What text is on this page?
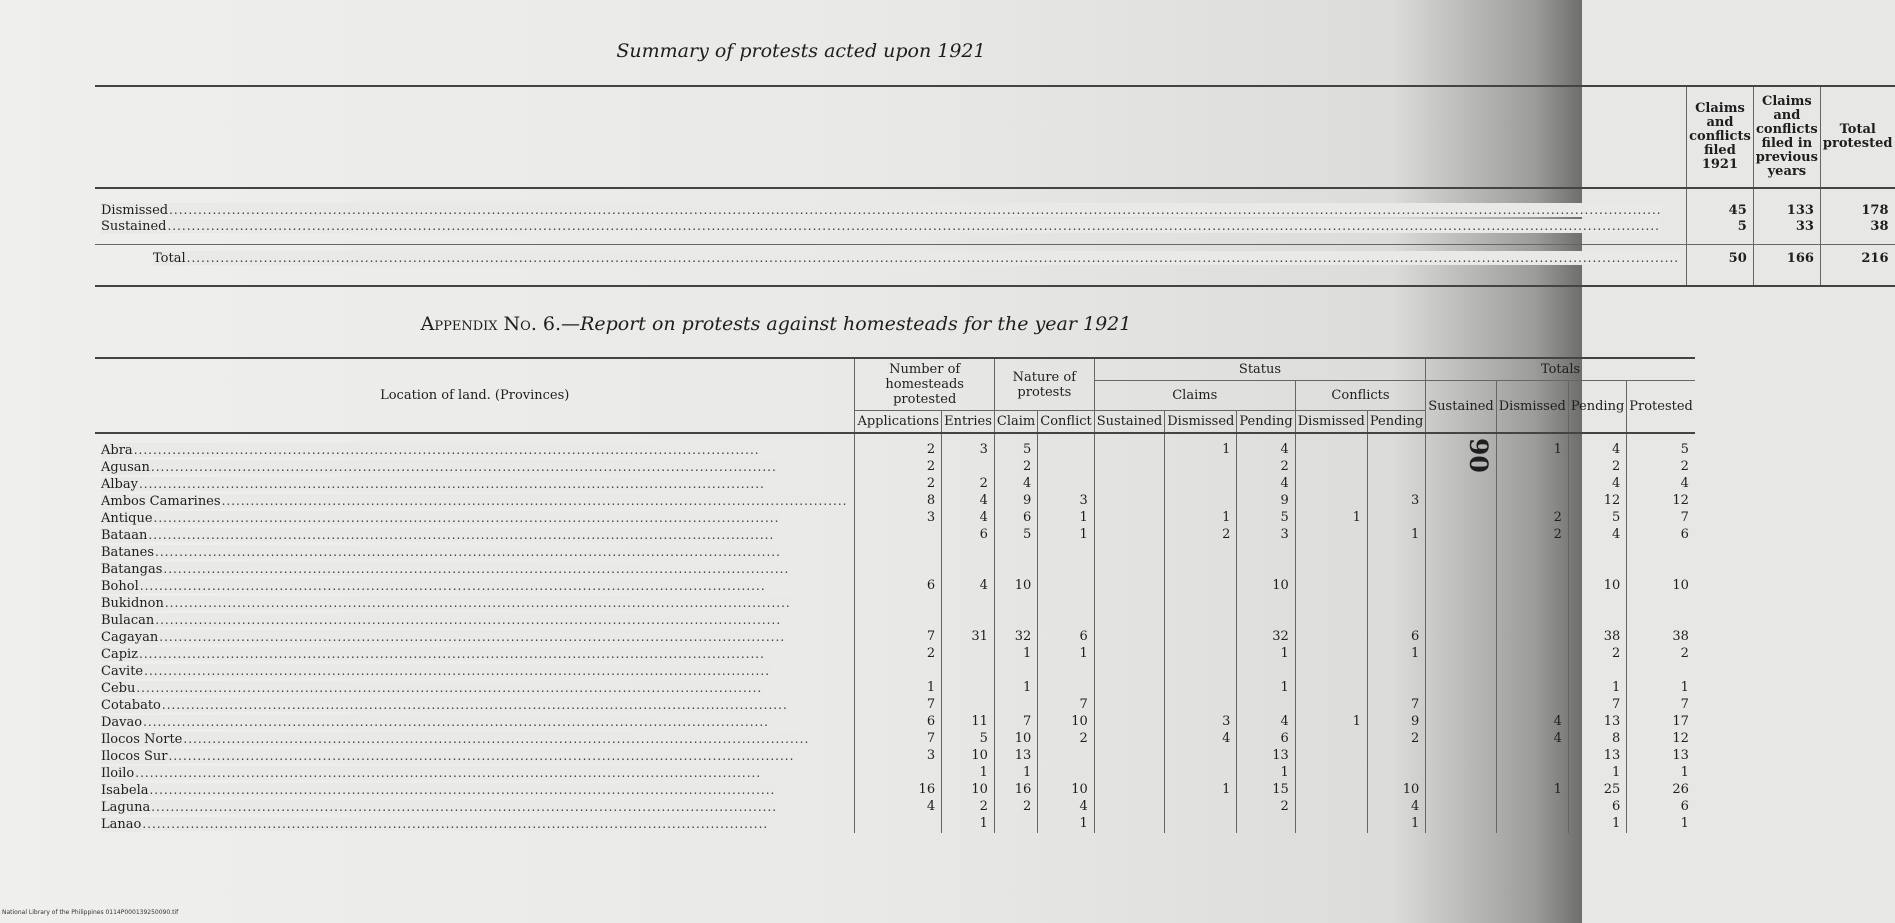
Summary of protests acted upon 1921
	Claims and conflicts filed 1921	Claims and conflicts filed in previous years	Total protested
Dismissed......................................................................................................................................................................................................................................................................................................................	45	133	178
Sustained......................................................................................................................................................................................................................................................................................................................	5	33	38
Total......................................................................................................................................................................................................................................................................................................................	50	166	216
Appendix No. 6.—Report on protests against homesteads for the year 1921
Location of land. (Provinces)	Number of homesteads protested		Nature of protests		Status					Totals			
					Claims			Conflicts		Sustained	Dismissed	Pending	Protested
	Applications	Entries	Claim	Conflict	Sustained	Dismissed	Pending	Dismissed	Pending				
Abra..................................................................................................................................	2	3	5			1	4				1	4	5
Agusan..................................................................................................................................	2		2				2					2	2
Albay..................................................................................................................................	2	2	4				4					4	4
Ambos Camarines..................................................................................................................................	8	4	9	3			9		3			12	12
Antique..................................................................................................................................	3	4	6	1		1	5	1			2	5	7
Bataan..................................................................................................................................		6	5	1		2	3		1		2	4	6
Batanes..................................................................................................................................													
Batangas..................................................................................................................................													
Bohol..................................................................................................................................	6	4	10				10					10	10
Bukidnon..................................................................................................................................													
Bulacan..................................................................................................................................													
Cagayan..................................................................................................................................	7	31	32	6			32		6			38	38
Capiz..................................................................................................................................	2		1	1			1		1			2	2
Cavite..................................................................................................................................													
Cebu..................................................................................................................................	1		1				1					1	1
Cotabato..................................................................................................................................	7			7					7			7	7
Davao..................................................................................................................................	6	11	7	10		3	4	1	9		4	13	17
Ilocos Norte..................................................................................................................................	7	5	10	2		4	6		2		4	8	12
Ilocos Sur..................................................................................................................................	3	10	13				13					13	13
Iloilo..................................................................................................................................		1	1				1					1	1
Isabela..................................................................................................................................	16	10	16	10		1	15		10		1	25	26
Laguna..................................................................................................................................	4	2	2	4			2		4			6	6
Lanao..................................................................................................................................		1		1					1			1	1
90
National Library of the Philippines 0114P000139250090.tif
